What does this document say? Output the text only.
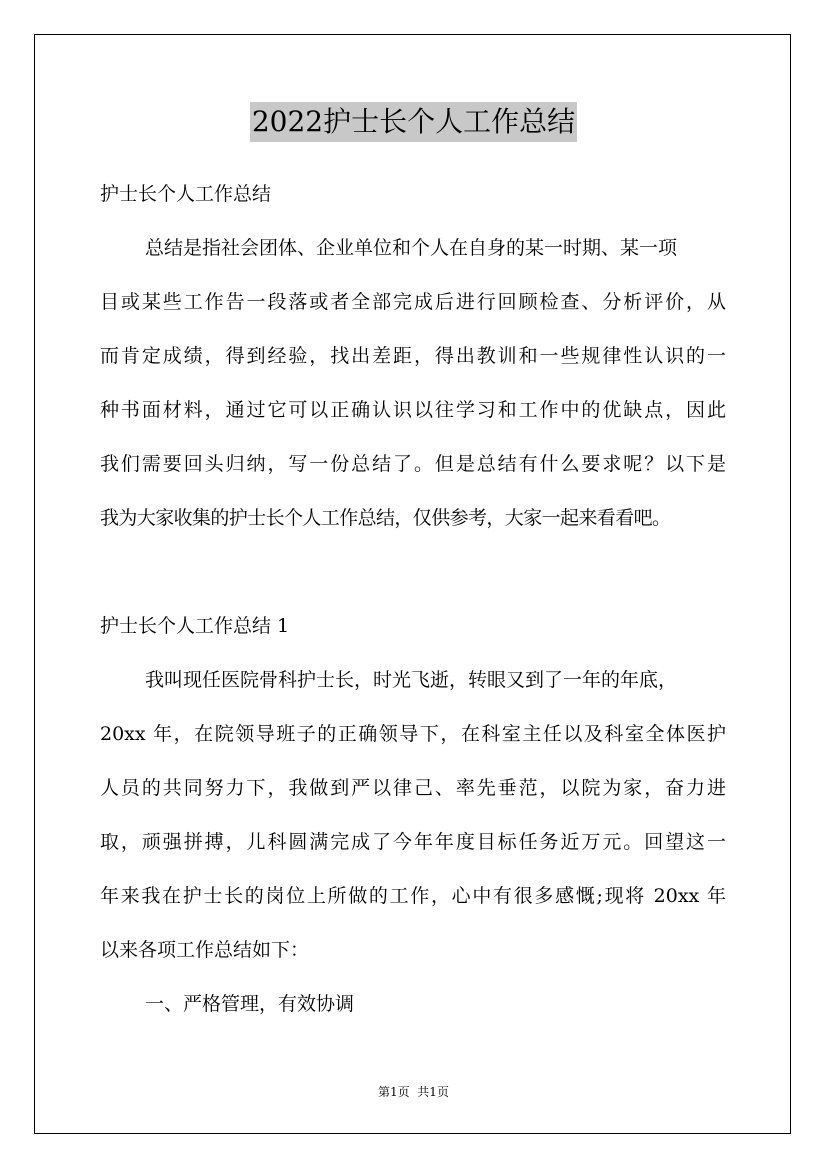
2022护士长个人工作总结
护士长个人工作总结
总结是指社会团体、企业单位和个人在自身的某一时期、某一项
目或某些工作告一段落或者全部完成后进行回顾检查、分析评价，从
而肯定成绩，得到经验，找出差距，得出教训和一些规律性认识的一
种书面材料，通过它可以正确认识以往学习和工作中的优缺点，因此
我们需要回头归纳，写一份总结了。但是总结有什么要求呢？以下是
我为大家收集的护士长个人工作总结，仅供参考，大家一起来看看吧。
护士长个人工作总结 1
我叫现任医院骨科护士长，时光飞逝，转眼又到了一年的年底，
20xx 年，在院领导班子的正确领导下，在科室主任以及科室全体医护
人员的共同努力下，我做到严以律己、率先垂范，以院为家，奋力进
取，顽强拼搏，儿科圆满完成了今年年度目标任务近万元。回望这一
年来我在护士长的岗位上所做的工作，心中有很多感慨;现将 20xx 年
以来各项工作总结如下：
一、严格管理，有效协调
第1页  共1页
